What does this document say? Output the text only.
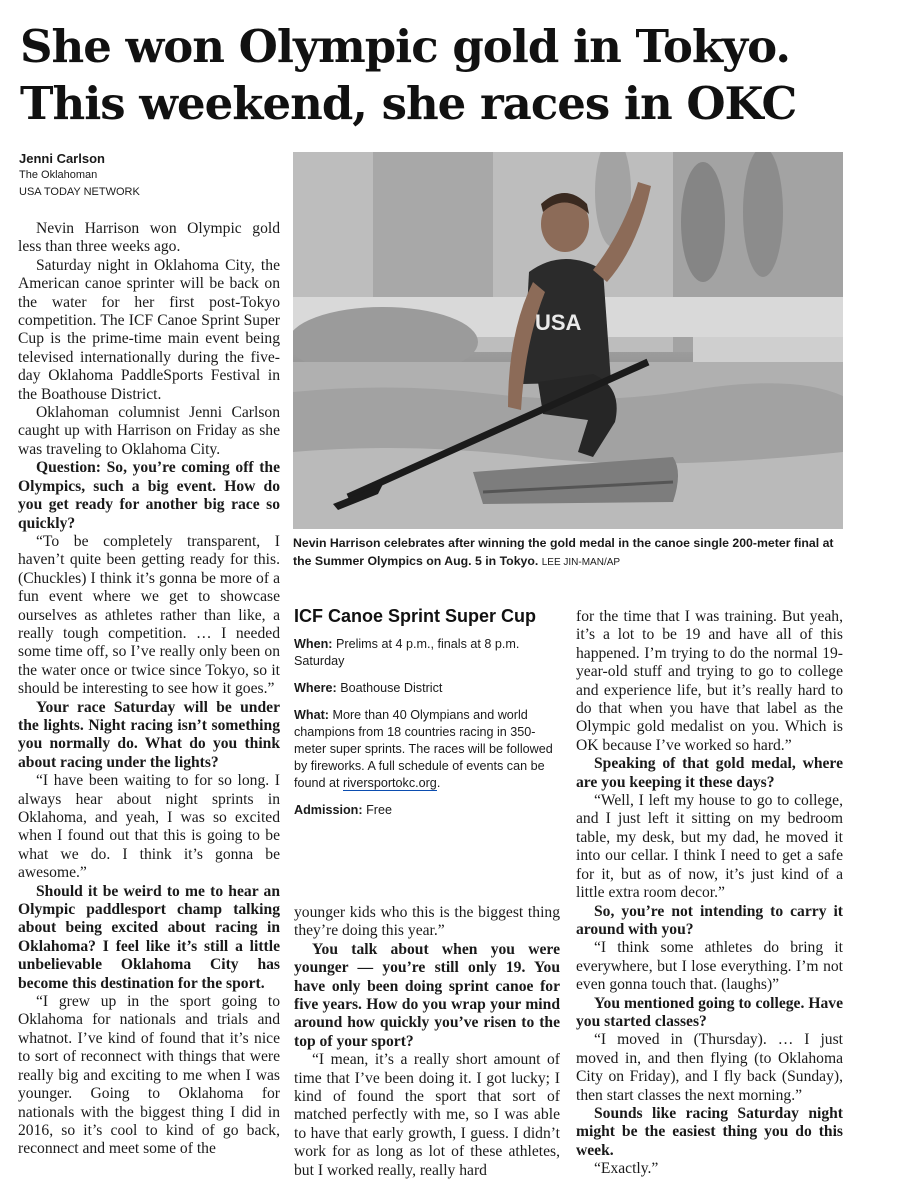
She won Olympic gold in Tokyo.
This weekend, she races in OKC
Jenni Carlson
The Oklahoman
USA TODAY NETWORK
USA
Nevin Harrison celebrates after winning the gold medal in the canoe single 200-meter final at the Summer Olympics on Aug. 5 in Tokyo. LEE JIN-MAN/AP
ICF Canoe Sprint Super Cup
When: Prelims at 4 p.m., finals at 8 p.m. Saturday
Where: Boathouse District
What: More than 40 Olympians and world champions from 18 countries racing in 350-meter super sprints. The races will be followed by fireworks. A full schedule of events can be found at riversportokc.org.
Admission: Free

Nevin Harrison won Olympic gold less than three weeks ago.

Saturday night in Oklahoma City, the American canoe sprinter will be back on the water for her first post-Tokyo competition. The ICF Canoe Sprint Super Cup is the prime-time main event being televised internationally during the five-day Oklahoma PaddleSports Festival in the Boathouse District.

Oklahoman columnist Jenni Carlson caught up with Harrison on Friday as she was traveling to Oklahoma City.

Question: So, you’re coming off the Olympics, such a big event. How do you get ready for another big race so quickly?

“To be completely transparent, I haven’t quite been getting ready for this. (Chuckles) I think it’s gonna be more of a fun event where we get to showcase ourselves as athletes rather than like, a really tough competition. … I needed some time off, so I’ve really only been on the water once or twice since Tokyo, so it should be interesting to see how it goes.”

Your race Saturday will be under the lights. Night racing isn’t something you normally do. What do you think about racing under the lights?

“I have been waiting to for so long. I always hear about night sprints in Oklahoma, and yeah, I was so excited when I found out that this is going to be what we do. I think it’s gonna be awesome.”

Should it be weird to me to hear an Olympic paddlesport champ talking about being excited about racing in Oklahoma? I feel like it’s still a little unbelievable Oklahoma City has become this destination for the sport.

“I grew up in the sport going to Oklahoma for nationals and trials and whatnot. I’ve kind of found that it’s nice to sort of reconnect with things that were really big and exciting to me when I was younger. Going to Oklahoma for nationals with the biggest thing I did in 2016, so it’s cool to kind of go back, reconnect and meet some of the

younger kids who this is the biggest thing they’re doing this year.”

You talk about when you were younger — you’re still only 19. You have only been doing sprint canoe for five years. How do you wrap your mind around how quickly you’ve risen to the top of your sport?

“I mean, it’s a really short amount of time that I’ve been doing it. I got lucky; I kind of found the sport that sort of matched perfectly with me, so I was able to have that early growth, I guess. I didn’t work for as long as lot of these athletes, but I worked really, really hard

for the time that I was training. But yeah, it’s a lot to be 19 and have all of this happened. I’m trying to do the normal 19-year-old stuff and trying to go to college and experience life, but it’s really hard to do that when you have that label as the Olympic gold medalist on you. Which is OK because I’ve worked so hard.”

Speaking of that gold medal, where are you keeping it these days?

“Well, I left my house to go to college, and I just left it sitting on my bedroom table, my desk, but my dad, he moved it into our cellar. I think I need to get a safe for it, but as of now, it’s just kind of a little extra room decor.”

So, you’re not intending to carry it around with you?

“I think some athletes do bring it everywhere, but I lose everything. I’m not even gonna touch that. (laughs)”

You mentioned going to college. Have you started classes?

“I moved in (Thursday). … I just moved in, and then flying (to Oklahoma City on Friday), and I fly back (Sunday), then start classes the next morning.”

Sounds like racing Saturday night might be the easiest thing you do this week.

“Exactly.”
